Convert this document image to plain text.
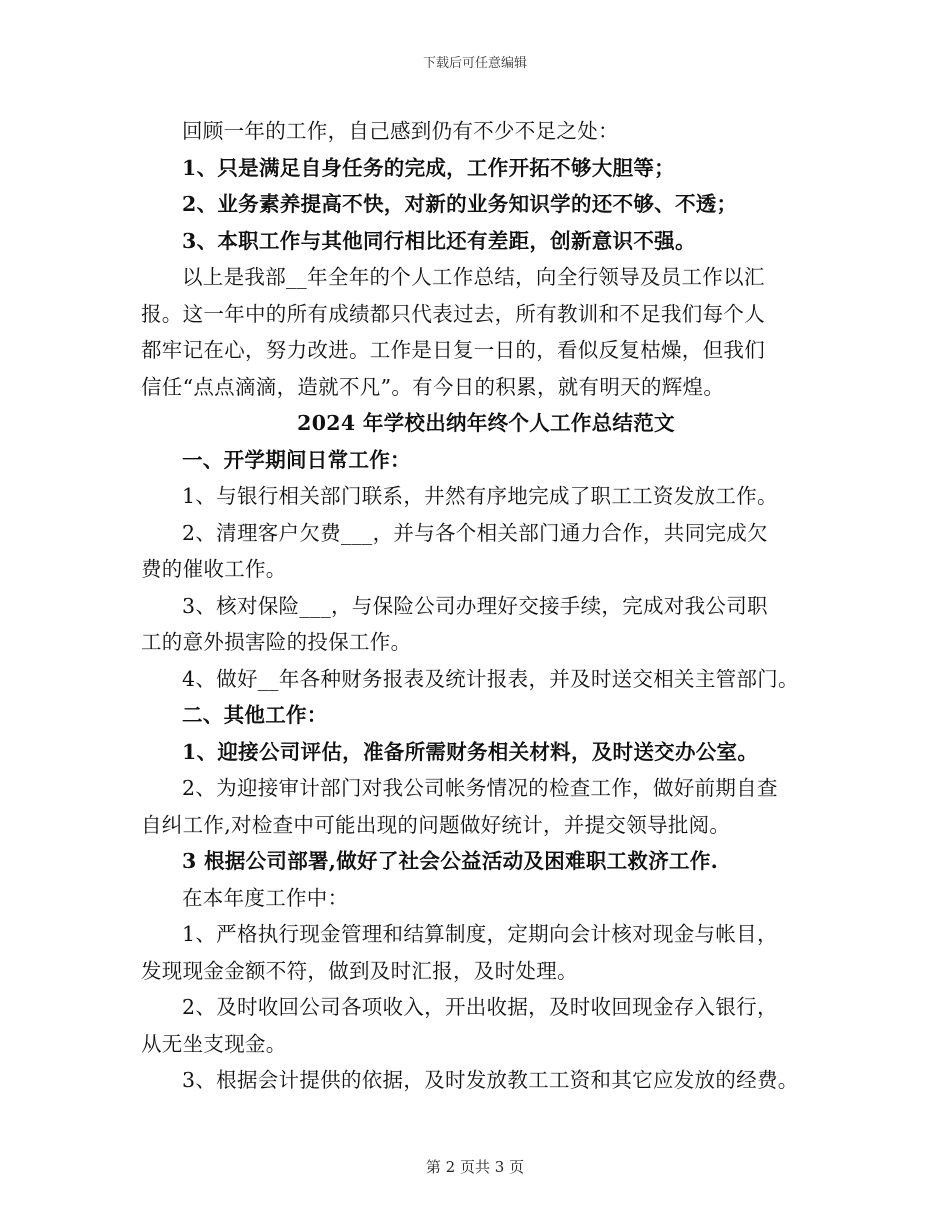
下载后可任意编辑
回顾一年的工作，自己感到仍有不少不足之处：
1、只是满足自身任务的完成，工作开拓不够大胆等；
2、业务素养提高不快，对新的业务知识学的还不够、不透；
3、本职工作与其他同行相比还有差距，创新意识不强。
以上是我部__年全年的个人工作总结，向全行领导及员工作以汇
报。这一年中的所有成绩都只代表过去，所有教训和不足我们每个人
都牢记在心，努力改进。工作是日复一日的，看似反复枯燥，但我们
信任“点点滴滴，造就不凡”。有今日的积累，就有明天的辉煌。
2024 年学校出纳年终个人工作总结范文
一、开学期间日常工作：
1、与银行相关部门联系，井然有序地完成了职工工资发放工作。
2、清理客户欠费___，并与各个相关部门通力合作，共同完成欠
费的催收工作。
3、核对保险___，与保险公司办理好交接手续，完成对我公司职
工的意外损害险的投保工作。
4、做好__年各种财务报表及统计报表，并及时送交相关主管部门。
二、其他工作：
1、迎接公司评估，准备所需财务相关材料，及时送交办公室。
2、为迎接审计部门对我公司帐务情况的检查工作，做好前期自查
自纠工作,对检查中可能出现的问题做好统计，并提交领导批阅。
3 根据公司部署,做好了社会公益活动及困难职工救济工作.
在本年度工作中：
1、严格执行现金管理和结算制度，定期向会计核对现金与帐目，
发现现金金额不符，做到及时汇报，及时处理。
2、及时收回公司各项收入，开出收据，及时收回现金存入银行，
从无坐支现金。
3、根据会计提供的依据，及时发放教工工资和其它应发放的经费。
第 2 页共 3 页
